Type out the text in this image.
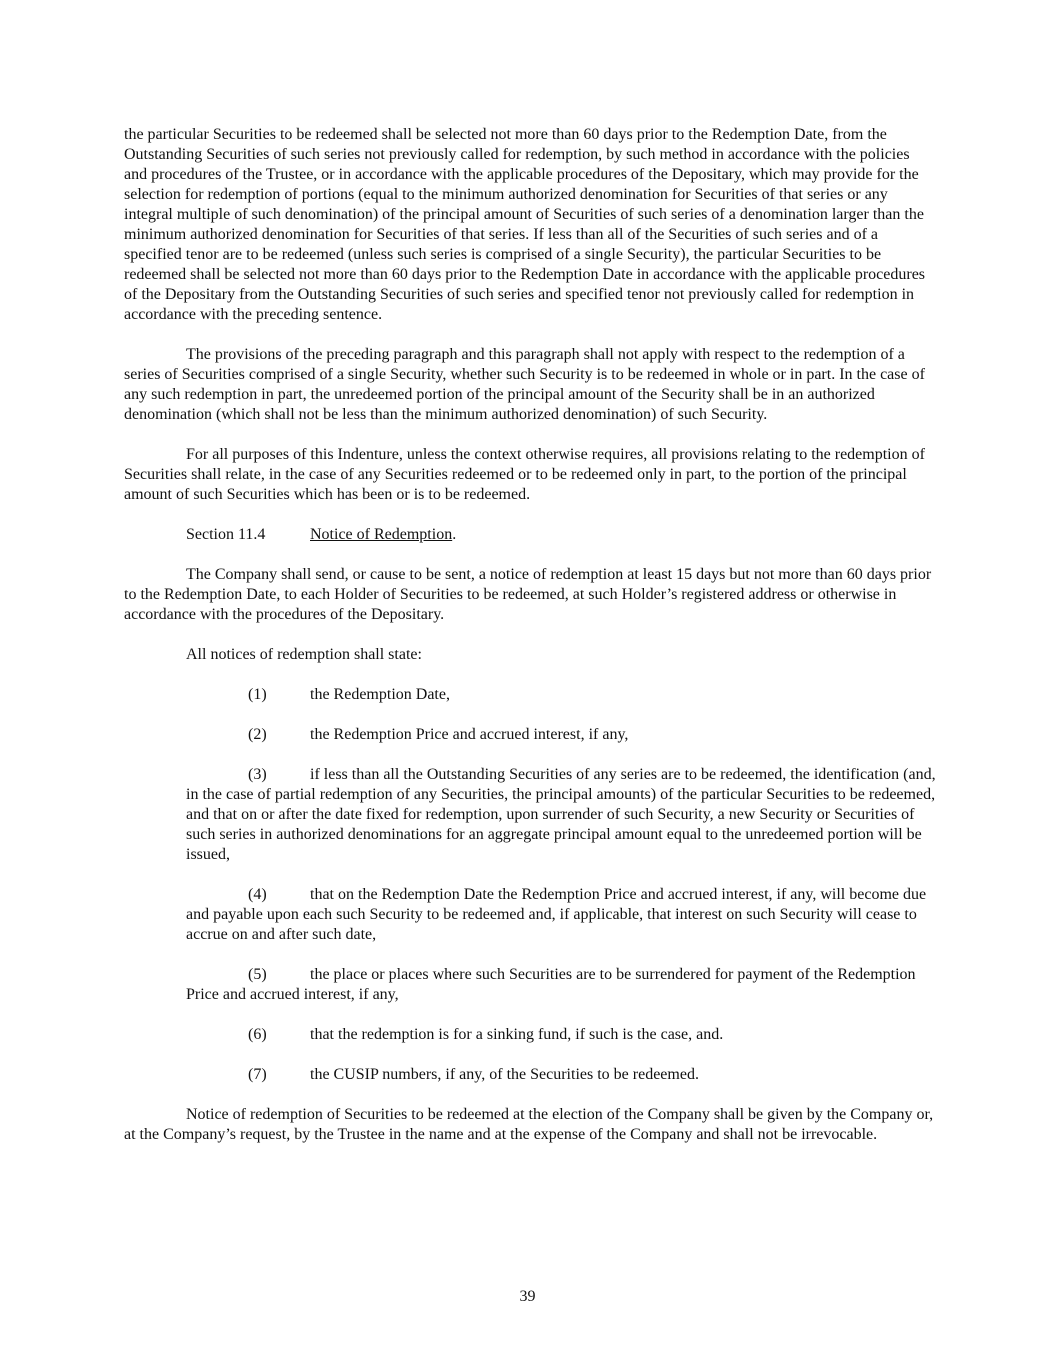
the particular Securities to be redeemed shall be selected not more than 60 days prior to the Redemption Date, from the Outstanding Securities of such series not previously called for redemption, by such method in accordance with the policies and procedures of the Trustee, or in accordance with the applicable procedures of the Depositary, which may provide for the selection for redemption of portions (equal to the minimum authorized denomination for Securities of that series or any integral multiple of such denomination) of the principal amount of Securities of such series of a denomination larger than the minimum authorized denomination for Securities of that series. If less than all of the Securities of such series and of a specified tenor are to be redeemed (unless such series is comprised of a single Security), the particular Securities to be redeemed shall be selected not more than 60 days prior to the Redemption Date in accordance with the applicable procedures of the Depositary from the Outstanding Securities of such series and specified tenor not previously called for redemption in accordance with the preceding sentence.

The provisions of the preceding paragraph and this paragraph shall not apply with respect to the redemption of a series of Securities comprised of a single Security, whether such Security is to be redeemed in whole or in part. In the case of any such redemption in part, the unredeemed portion of the principal amount of the Security shall be in an authorized denomination (which shall not be less than the minimum authorized denomination) of such Security.

For all purposes of this Indenture, unless the context otherwise requires, all provisions relating to the redemption of Securities shall relate, in the case of any Securities redeemed or to be redeemed only in part, to the portion of the principal amount of such Securities which has been or is to be redeemed.

Section 11.4	Notice of Redemption.

The Company shall send, or cause to be sent, a notice of redemption at least 15 days but not more than 60 days prior to the Redemption Date, to each Holder of Securities to be redeemed, at such Holder’s registered address or otherwise in accordance with the procedures of the Depositary.

All notices of redemption shall state:

(1)	the Redemption Date,

(2)	the Redemption Price and accrued interest, if any,

(3)	if less than all the Outstanding Securities of any series are to be redeemed, the identification (and, in the case of partial redemption of any Securities, the principal amounts) of the particular Securities to be redeemed, and that on or after the date fixed for redemption, upon surrender of such Security, a new Security or Securities of such series in authorized denominations for an aggregate principal amount equal to the unredeemed portion will be issued,

(4)	that on the Redemption Date the Redemption Price and accrued interest, if any, will become due and payable upon each such Security to be redeemed and, if applicable, that interest on such Security will cease to accrue on and after such date,

(5)	the place or places where such Securities are to be surrendered for payment of the Redemption Price and accrued interest, if any,

(6)	that the redemption is for a sinking fund, if such is the case, and.

(7)	the CUSIP numbers, if any, of the Securities to be redeemed.

Notice of redemption of Securities to be redeemed at the election of the Company shall be given by the Company or, at the Company’s request, by the Trustee in the name and at the expense of the Company and shall not be irrevocable.

39
